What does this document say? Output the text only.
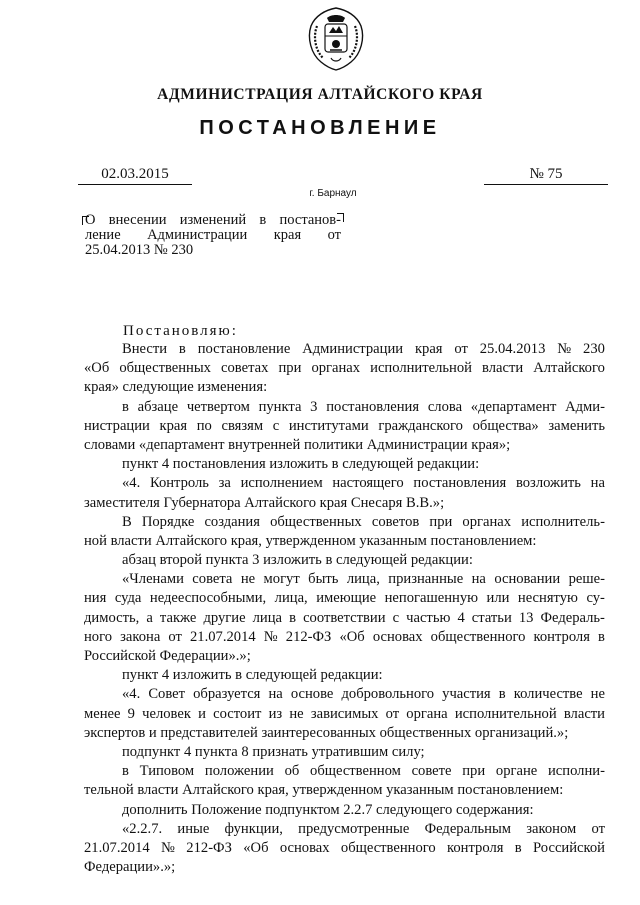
АДМИНИСТРАЦИЯ АЛТАЙСКОГО КРАЯ
ПОСТАНОВЛЕНИЕ
02.03.2015	№ 75
г. Барнаул
О внесении изменений в постанов-
ление Администрации края от
25.04.2013 № 230
Постановляю:
Внести в постановление Администрации края от 25.04.2013 № 230
«Об общественных советах при органах исполнительной власти Алтайского
края» следующие изменения:
в абзаце четвертом пункта 3 постановления слова «департамент Адми-
нистрации края по связям с институтами гражданского общества» заменить
словами «департамент внутренней политики Администрации края»;
пункт 4 постановления изложить в следующей редакции:
«4. Контроль за исполнением настоящего постановления возложить на
заместителя Губернатора Алтайского края Снесаря В.В.»;
В Порядке создания общественных советов при органах исполнитель-
ной власти Алтайского края, утвержденном указанным постановлением:
абзац второй пункта 3 изложить в следующей редакции:
«Членами совета не могут быть лица, признанные на основании реше-
ния суда недееспособными, лица, имеющие непогашенную или неснятую су-
димость, а также другие лица в соответствии с частью 4 статьи 13 Федераль-
ного закона от 21.07.2014 № 212-ФЗ «Об основах общественного контроля в
Российской Федерации».»;
пункт 4 изложить в следующей редакции:
«4. Совет образуется на основе добровольного участия в количестве не
менее 9 человек и состоит из не зависимых от органа исполнительной власти
экспертов и представителей заинтересованных общественных организаций.»;
подпункт 4 пункта 8 признать утратившим силу;
в Типовом положении об общественном совете при органе исполни-
тельной власти Алтайского края, утвержденном указанным постановлением:
дополнить Положение подпунктом 2.2.7 следующего содержания:
«2.2.7. иные функции, предусмотренные Федеральным законом от
21.07.2014 № 212-ФЗ «Об основах общественного контроля в Российской
Федерации».»;
